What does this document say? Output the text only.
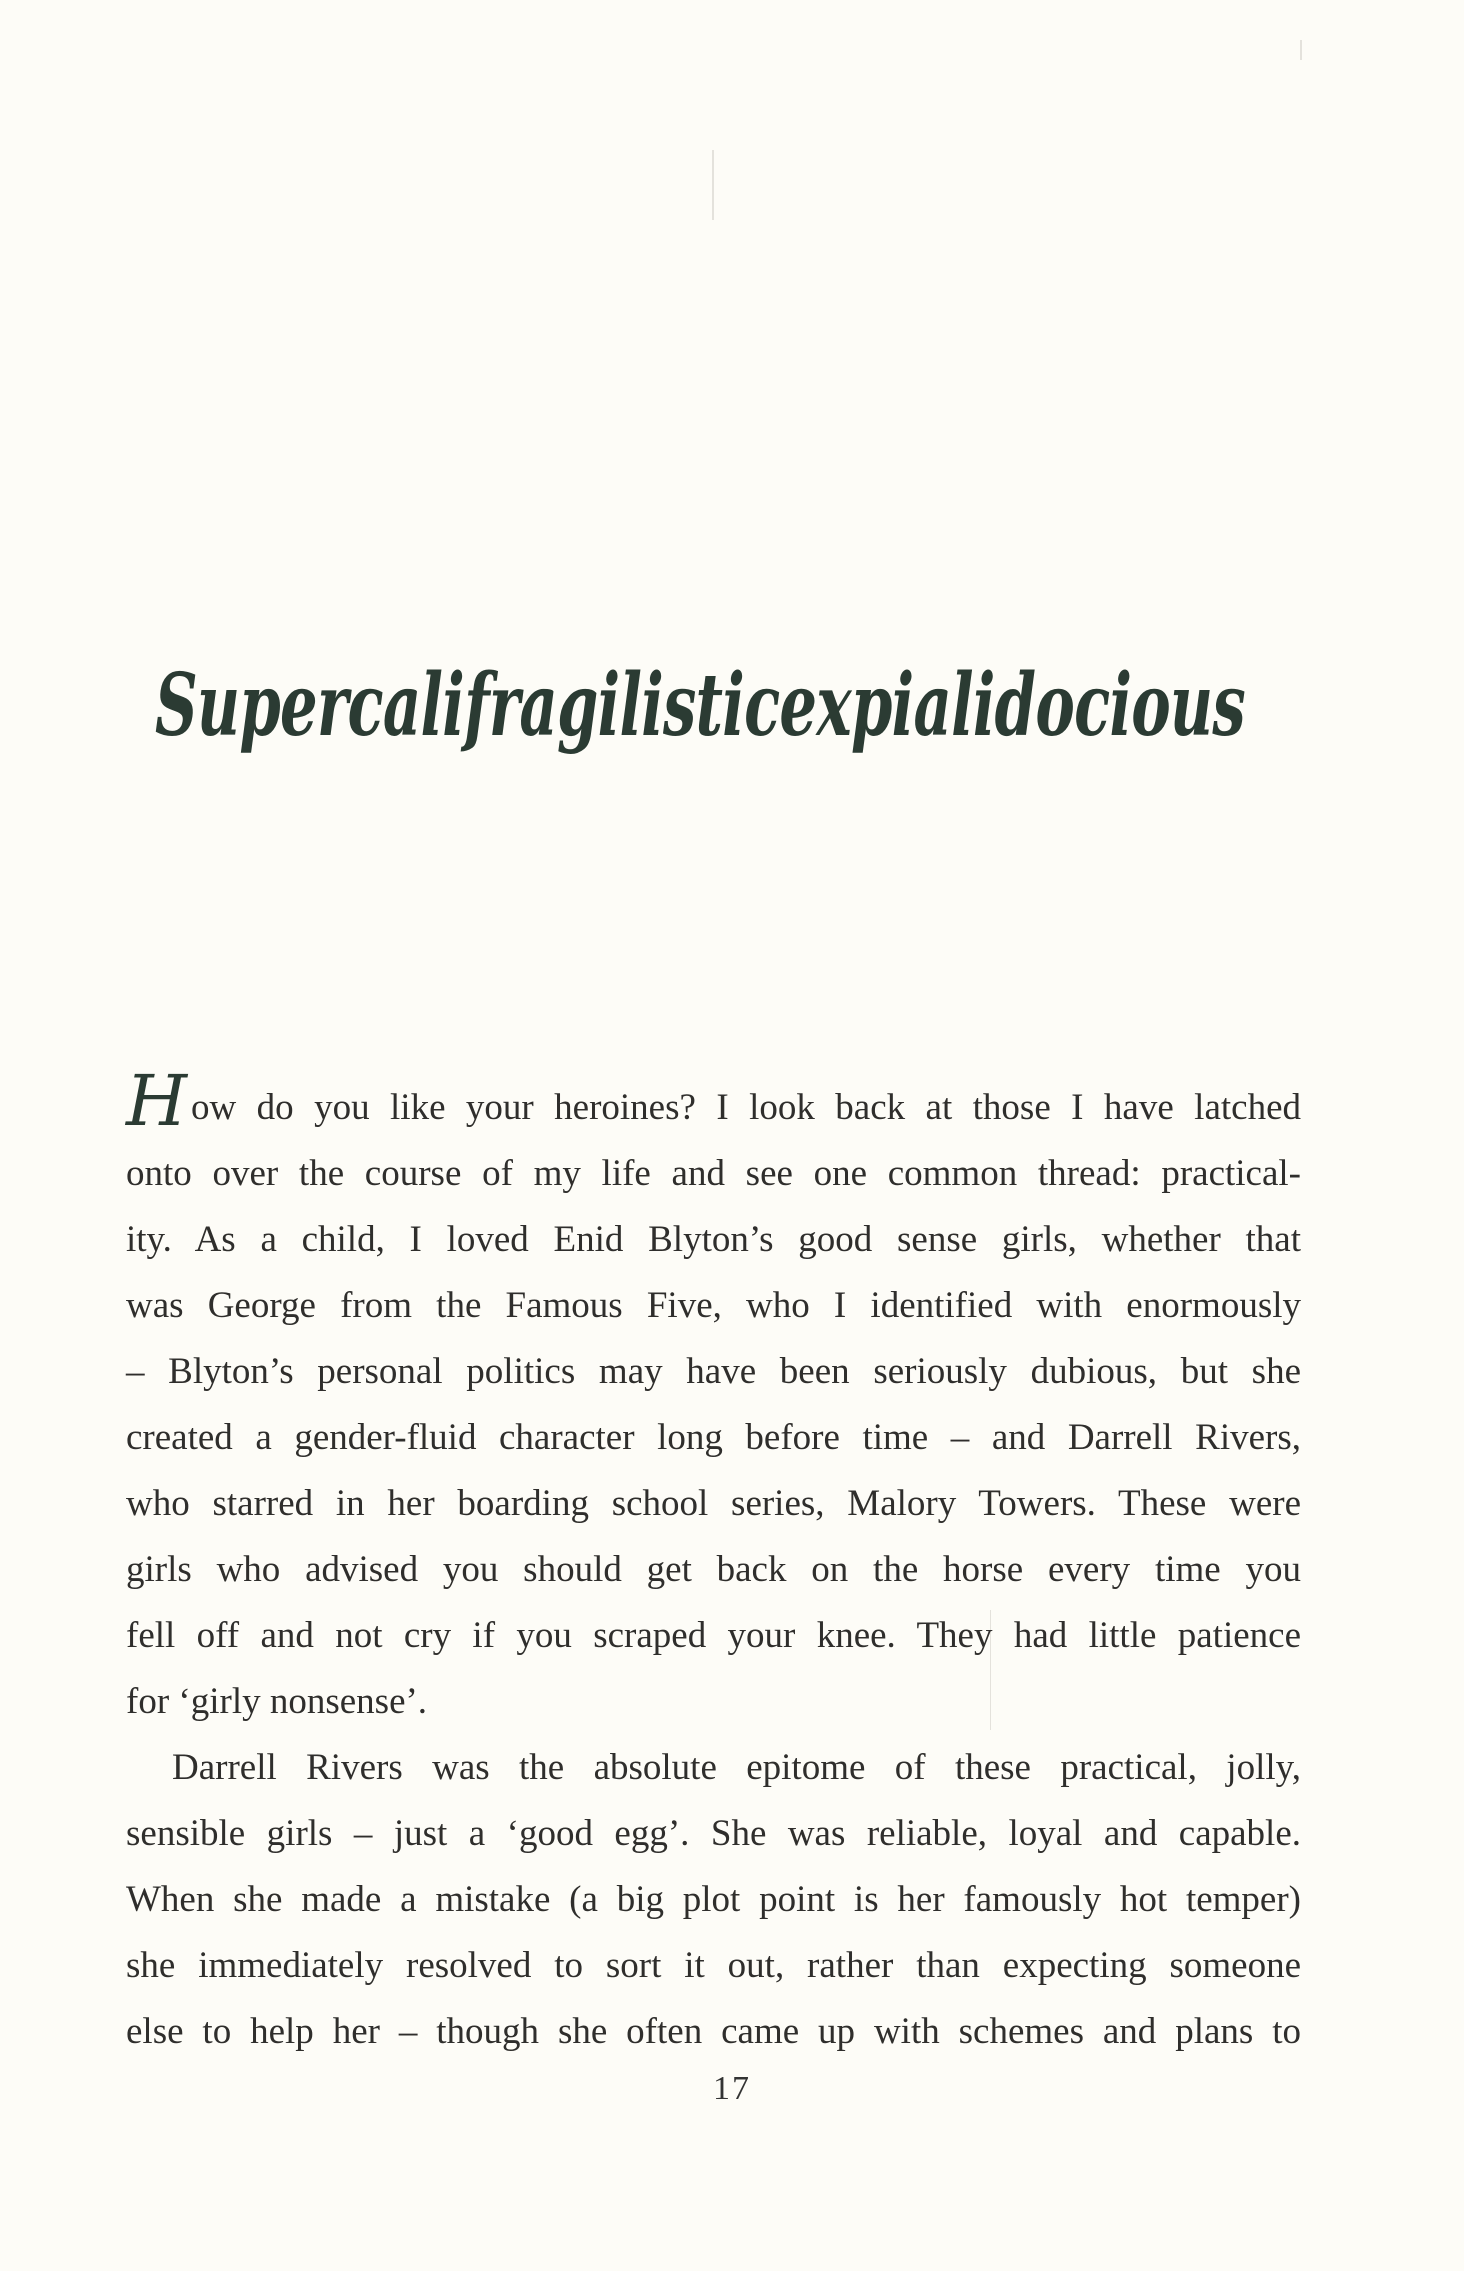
Supercalifragilisticexpialidocious

How do you like your heroines? I look back at those I have latched

onto over the course of my life and see one common thread: practical-

ity. As a child, I loved Enid Blyton’s good sense girls, whether that

was George from the Famous Five, who I identified with enormously

– Blyton’s personal politics may have been seriously dubious, but she

created a gender-fluid character long before time – and Darrell Rivers,

who starred in her boarding school series, Malory Towers. These were

girls who advised you should get back on the horse every time you

fell off and not cry if you scraped your knee. They had little patience

for ‘girly nonsense’.

Darrell Rivers was the absolute epitome of these practical, jolly,

sensible girls – just a ‘good egg’. She was reliable, loyal and capable.

When she made a mistake (a big plot point is her famously hot temper)

she immediately resolved to sort it out, rather than expecting someone

else to help her – though she often came up with schemes and plans to

17
